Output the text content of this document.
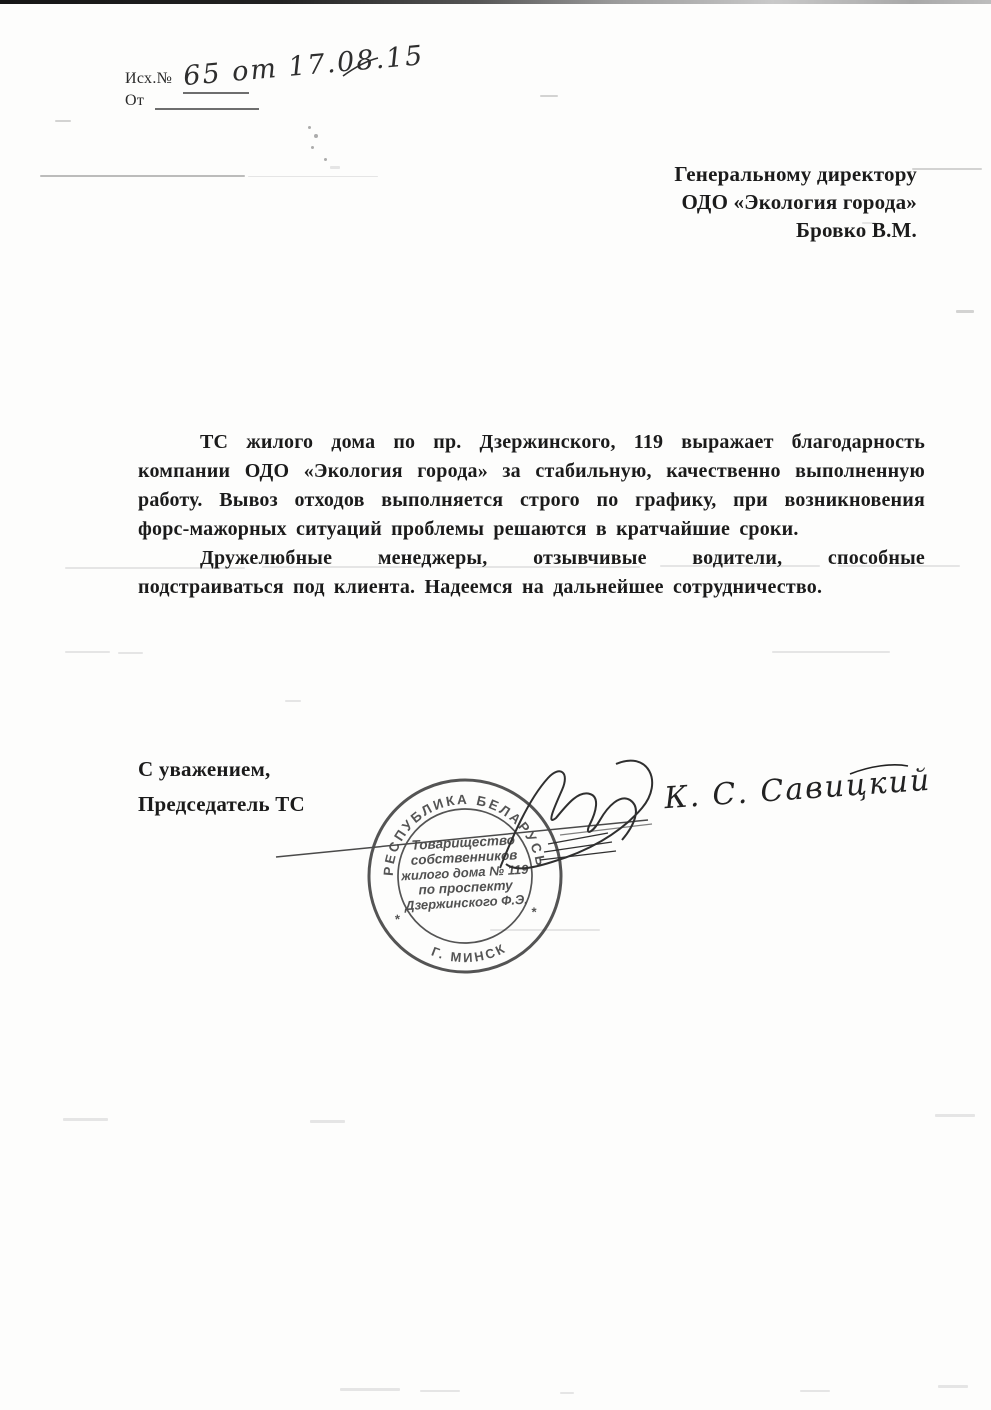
Исх.№
От
65 от 17.08.15
Генеральному директору
ОДО «Экология города»
Бровко В.М.

ТС жилого дома по пр. Дзержинского, 119 выражает благодарность компании ОДО «Экология города» за стабильную, качественно выполненную работу. Вывоз отходов выполняется строго по графику, при возникновения форс-мажорных ситуаций проблемы решаются в кратчайшие сроки.

Дружелюбные менеджеры, отзывчивые водители, способные подстраиваться под клиента. Надеемся на дальнейшее сотрудничество.

С уважением,
Председатель ТС
РЕСПУБЛИКА БЕЛАРУСЬ
Г. МИНСК
*	*
Товарищество
собственников
жилого дома № 119
по проспекту
Дзержинского Ф.Э.
К. С. Савицкий
